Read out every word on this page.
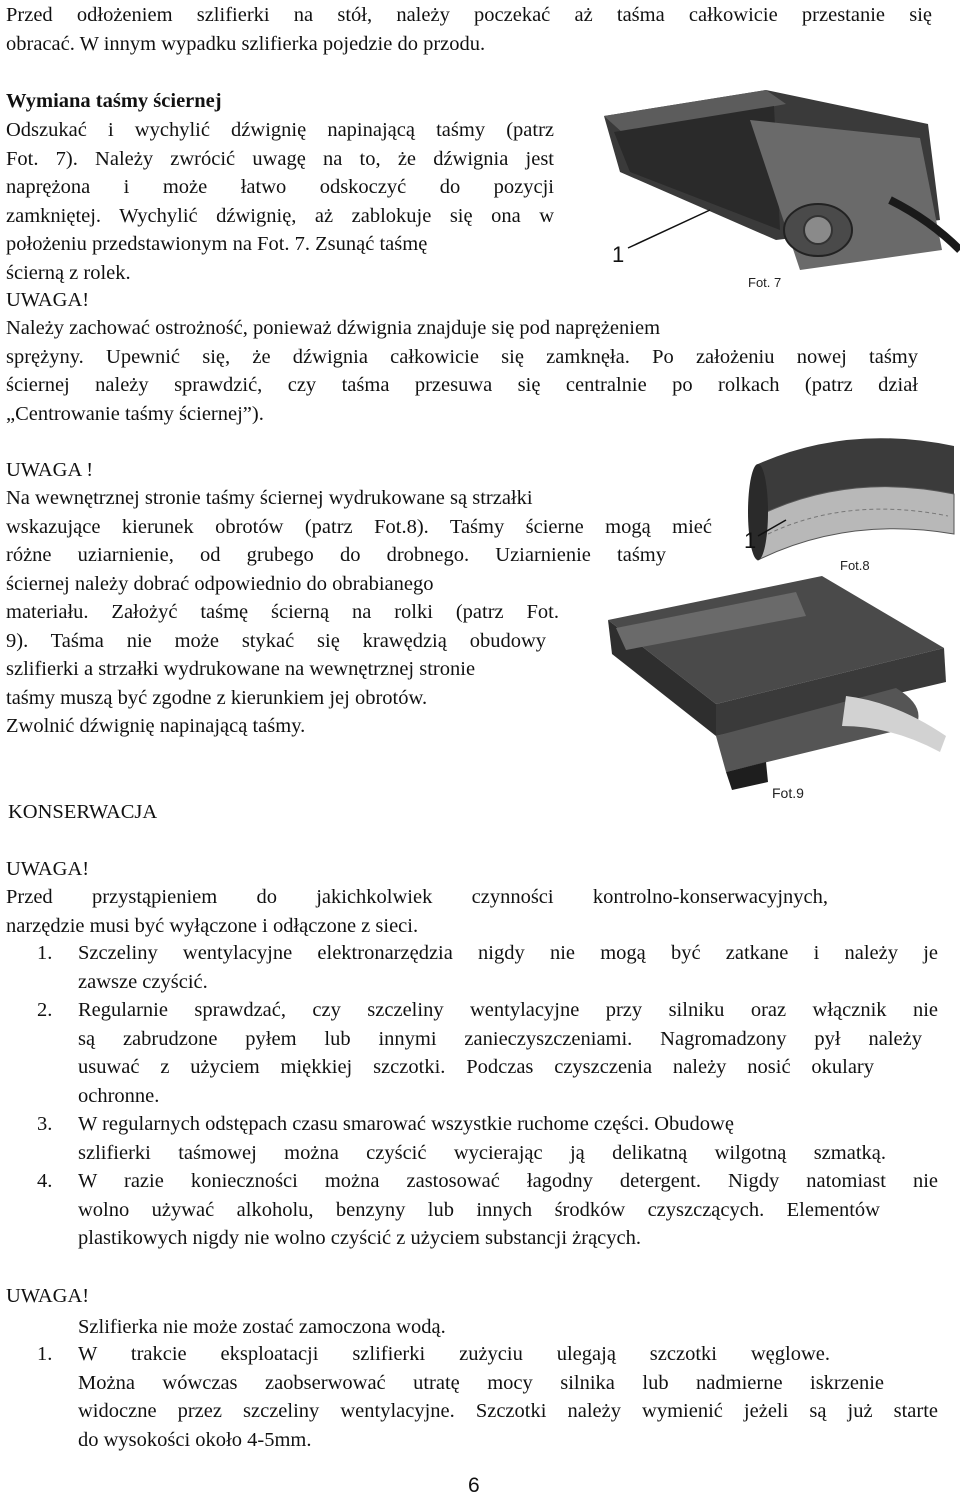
Przed odłożeniem szlifierki na stół, należy poczekać aż taśma całkowicie przestanie się
obracać. W innym wypadku szlifierka pojedzie do przodu.
Wymiana taśmy ściernej
Odszukać i wychylić dźwignię napinającą taśmy (patrz
Fot. 7). Należy zwrócić uwagę na to, że dźwignia jest
naprężona i może łatwo odskoczyć do pozycji
zamkniętej. Wychylić dźwignię, aż zablokuje się ona w
położeniu przedstawionym na Fot. 7. Zsunąć taśmę
ścierną z rolek.
1
Fot. 7
UWAGA!
Należy zachować ostrożność, ponieważ dźwignia znajduje się pod naprężeniem
sprężyny. Upewnić się, że dźwignia całkowicie się zamknęła. Po założeniu nowej taśmy
ściernej należy sprawdzić, czy taśma przesuwa się centralnie po rolkach (patrz dział
„Centrowanie taśmy ściernej”).
UWAGA !
Na wewnętrznej stronie taśmy ściernej wydrukowane są strzałki
wskazujące kierunek obrotów (patrz Fot.8). Taśmy ścierne mogą mieć
różne uziarnienie, od grubego do drobnego. Uziarnienie taśmy
ściernej należy dobrać odpowiednio do obrabianego
materiału. Założyć taśmę ścierną na rolki (patrz Fot.
9). Taśma nie może stykać się krawędzią obudowy
szlifierki a strzałki wydrukowane na wewnętrznej stronie
taśmy muszą być zgodne z kierunkiem jej obrotów.
Zwolnić dźwignię napinającą taśmy.
1
Fot.8
Fot.9
KONSERWACJA
UWAGA!
Przed przystąpieniem do jakichkolwiek czynności kontrolno-konserwacyjnych,
narzędzie musi być wyłączone i odłączone z sieci.
1. Szczeliny wentylacyjne elektronarzędzia nigdy nie mogą być zatkane i należy je
zawsze czyścić.
2. Regularnie sprawdzać, czy szczeliny wentylacyjne przy silniku oraz włącznik nie
są zabrudzone pyłem lub innymi zanieczyszczeniami. Nagromadzony pył należy
usuwać z użyciem miękkiej szczotki. Podczas czyszczenia należy nosić okulary
ochronne.
3. W regularnych odstępach czasu smarować wszystkie ruchome części. Obudowę
szlifierki taśmowej można czyścić wycierając ją delikatną wilgotną szmatką.
4. W razie konieczności można zastosować łagodny detergent. Nigdy natomiast nie
wolno używać alkoholu, benzyny lub innych środków czyszczących. Elementów
plastikowych nigdy nie wolno czyścić z użyciem substancji żrących.
UWAGA!
Szlifierka nie może zostać zamoczona wodą.
1. W trakcie eksploatacji szlifierki zużyciu ulegają szczotki węglowe.
Można wówczas zaobserwować utratę mocy silnika lub nadmierne iskrzenie
widoczne przez szczeliny wentylacyjne. Szczotki należy wymienić jeżeli są już starte
do wysokości około 4-5mm.
6
